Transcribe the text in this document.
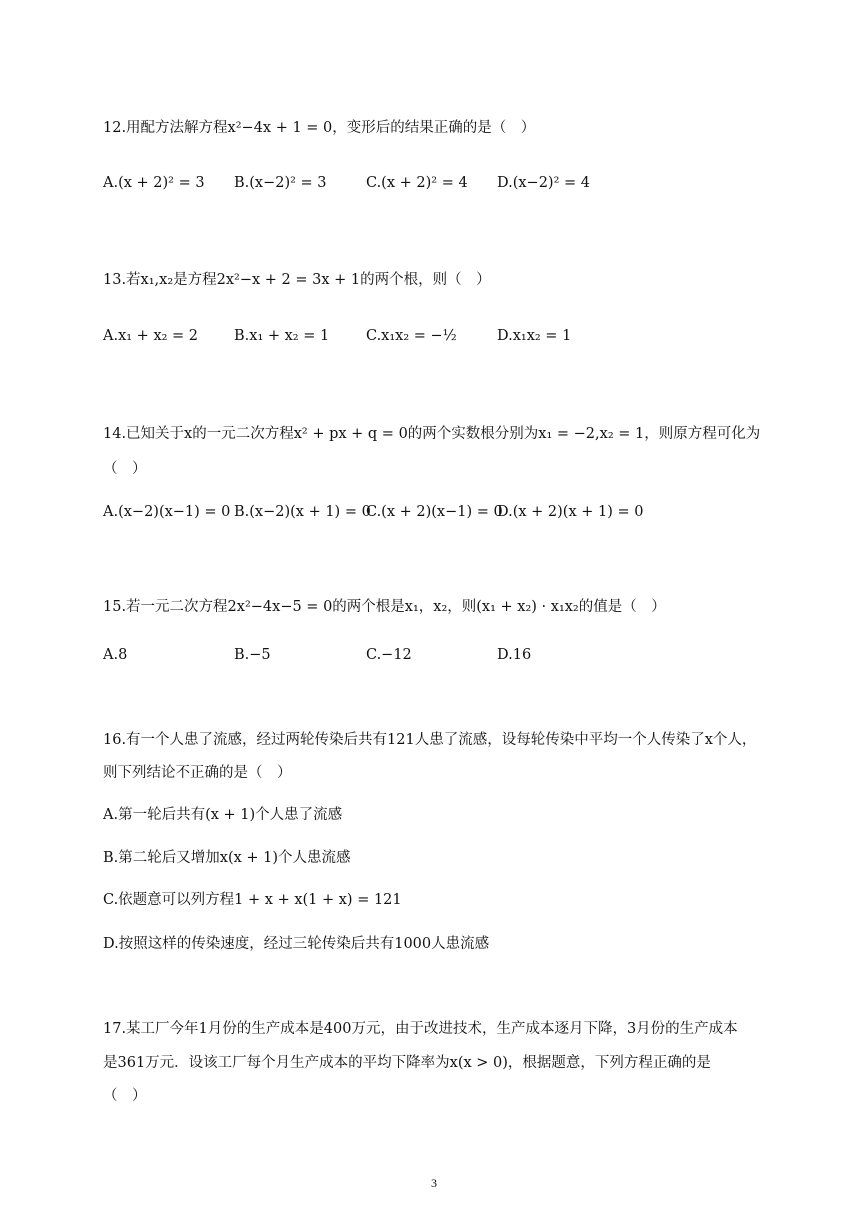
12.用配方法解方程x²−4x + 1 = 0，变形后的结果正确的是（　）
A.(x + 2)² = 3 B.(x−2)² = 3	C.(x + 2)² = 4 D.(x−2)² = 4
13.若x₁,x₂是方程2x²−x + 2 = 3x + 1的两个根，则（　）
A.x₁ + x₂ = 2 B.x₁ + x₂ = 1	C.x₁x₂ = −½	D.x₁x₂ = 1
14.已知关于x的一元二次方程x² + px + q = 0的两个实数根分别为x₁ = −2,x₂ = 1，则原方程可化为
（　）
A.(x−2)(x−1) = 0 B.(x−2)(x + 1) = 0
C.(x + 2)(x−1) = 0
D.(x + 2)(x + 1) = 0
15.若一元二次方程2x²−4x−5 = 0的两个根是x₁，x₂，则(x₁ + x₂) · x₁x₂的值是（　）
A.8	B.−5	C.−12	D.16
16.有一个人患了流感，经过两轮传染后共有121人患了流感，设每轮传染中平均一个人传染了x个人，
则下列结论不正确的是（　）
A.第一轮后共有(x + 1)个人患了流感
B.第二轮后又增加x(x + 1)个人患流感
C.依题意可以列方程1 + x + x(1 + x) = 121
D.按照这样的传染速度，经过三轮传染后共有1000人患流感
17.某工厂今年1月份的生产成本是400万元，由于改进技术，生产成本逐月下降，3月份的生产成本
是361万元．设该工厂每个月生产成本的平均下降率为x(x > 0)，根据题意，下列方程正确的是
（　）
3
